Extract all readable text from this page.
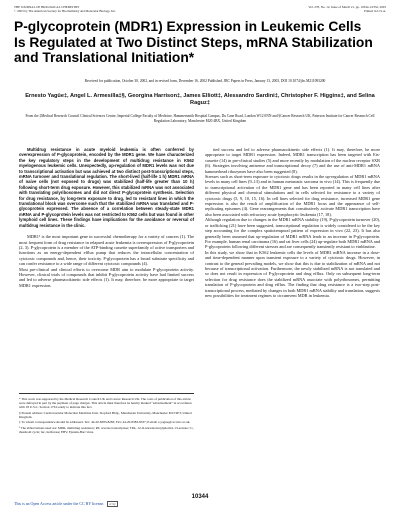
THE JOURNAL OF BIOLOGICAL CHEMISTRY
© 2003 by The American Society for Biochemistry and Molecular Biology, Inc.
Vol. 278, No. 12, Issue of March 21, pp. 10344–10352, 2003
Printed in U.S.A.
P-glycoprotein (MDR1) Expression in Leukemic Cells Is Regulated at Two Distinct Steps, mRNA Stabilization and Translational Initiation*
Received for publication, October 30, 2002, and in revised form, December 16, 2002 Published, JBC Papers in Press, January 13, 2003, DOI 10.1074/jbc.M211093200
Ernesto Yagüe‡, Angel L. Armesilla‡§, Georgina Harrison‡, James Elliott‡, Alessandro Sardini‡, Christopher F. Higgins‡, and Selina Raguz‡
From the ‡Medical Research Council Clinical Sciences Centre, Imperial College Faculty of Medicine, Hammersmith Hospital Campus, Du Cane Road, London W12 0NN and §Cancer Research UK, Paterson Institute for Cancer Research Cell Regulation Laboratory, Manchester M20 4BX, United Kingdom

Multidrug resistance in acute myeloid leukemia is often conferred by overexpression of P-glycoprotein, encoded by the MDR1 gene. We have characterized the key regulatory steps in the development of multidrug resistance in K562 myelogenous leukemic cells. Unexpectedly, up-regulation of MDR1 levels was not due to transcriptional activation but was achieved at two distinct post-transcriptional steps, mRNA turnover and translational regulation. The short-lived (half-life 1 h) MDR1 mRNA of naive cells (not exposed to drugs) was stabilized (half-life greater than 10 h) following short-term drug exposure. However, this stabilized mRNA was not associated with translating polyribosomes and did not direct P-glycoprotein synthesis. Selection for drug resistance, by long-term exposure to drug, led to resistant lines in which the translational block was overcome such that the stabilized mRNA was translated and P-glycoprotein expressed. The absence of a correlation between steady-state MDR1 mRNA and P-glycoprotein levels was not restricted to K562 cells but was found in other lymphoid cell lines. These findings have implications for the avoidance or reversal of multidrug resistance in the clinic.

MDR1¹ is the most important gene in successful chemotherapy for a variety of cancers (1). The most frequent form of drug resistance in relapsed acute leukemia is overexpression of P-glycoprotein (2, 3). P-glycoprotein is a member of the ATP-binding cassette superfamily of active transporters and functions as an energy-dependent efflux pump that reduces the intracellular concentration of cytotoxic compounds and, hence, their toxicity. P-glycoprotein has a broad substrate specificity and can confer resistance to a wide range of different cytotoxic compounds (4).
Most pre-clinical and clinical efforts to overcome MDR aim to modulate P-glycoprotein activity. However, clinical trials of compounds that inhibit P-glycoprotein activity have had limited success and led to adverse pharmacokinetic side effects (1). It may, therefore, be more appropriate to target MDR1 expression.

ited success and led to adverse pharmacokinetic side effects (1). It may, therefore, be more appropriate to target MDR1 expression. Indeed, MDR1 transcription has been targeted with Ets-cassette (14) in pre-clinical studies (5) and more recently by modulation of the nuclear receptor SXR (6). Strategies involving antisense and transcriptional decoy (7) and the use of anti-MDR1 mRNA hammerhead ribozymes have also been suggested (8).
Stresses such as short-term exposure to cytotoxic drugs results in the up-regulation of MDR1 mRNA levels in many cell lines (9–13) and in human metastatic sarcoma in vivo (14). This is frequently due to transcriptional activation of the MDR1 gene and has been reported in many cell lines after different physical and chemical stimulations and in cells selected for resistance to a variety of cytotoxic drugs (5, 9, 10, 15, 16). In cell lines selected for drug resistance, increased MDR1 gene expression is also the result of amplification of the MDR1 locus and the appearance of self-replicating episomes (4). Gene rearrangements that constitutively activate MDR1 transcription have also been associated with refractory acute lymphocytic leukemia (17, 18).
Although regulation due to changes in the MDR1 mRNA stability (19), P-glycoprotein turnover (20), or trafficking (21) have been suggested, transcriptional regulation is widely considered to be the key step accounting for the complex spatiotemporal pattern of expression in vivo (22, 23). It has also generally been assumed that up-regulation of MDR1 mRNA leads to an increase in P-glycoprotein. For example, human renal carcinoma (16) and rat liver cells (24) up-regulate both MDR1 mRNA and P-glycoprotein following different stresses and are consequently transiently resistant to vinblastine.
In this study, we show that in K562 leukemic cells the levels of MDR1 mRNA increase in a dose- and time-dependent manner upon transient exposure to a variety of cytotoxic drugs. However, in contrast to the general prevailing models, we show that this is due to stabilization of mRNA and not because of transcriptional activation. Furthermore, the newly stabilized mRNA is not translated and so does not result in expression of P-glycoprotein and drug efflux. Only on subsequent long-term selection for drug resistance does the stabilized mRNA associate with polyribosomes, permitting translation of P-glycoprotein and drug efflux. The finding that drug resistance is a two-step post-transcriptional process, mediated by changes in both MDR1 mRNA stability and translation, suggests new possibilities for treatment regimes to circumvent MDR in leukemia.

* This work was supported by the Medical Research Council UK and Cancer Research UK. The costs of publication of this article were defrayed in part by the payment of page charges. This article must therefore be hereby marked “advertisement” in accordance with 18 U.S.C. Section 1734 solely to indicate this fact.

§ Present address: Cardiovascular Molecular Medicine Unit, Stopford Bldg., Manchester University, Manchester M13 9PT, United Kingdom.

‡ To whom correspondence should be addressed. Tel.: 44-20-8383-8283; Fax: 44-20-8383-8337; E-mail: e.yague@csc.mrc.ac.uk.

¹ The abbreviations used are: MDR, multidrug resistance; RT, reverse transcriptase; TPA, 12-O-tetradecanoylphorbol-13-acetate; Cₜ, threshold cycle; luc, luciferase; EBV, Epstein-Barr virus.

10344
This is an Open Access article under the CC BY license. cc by
